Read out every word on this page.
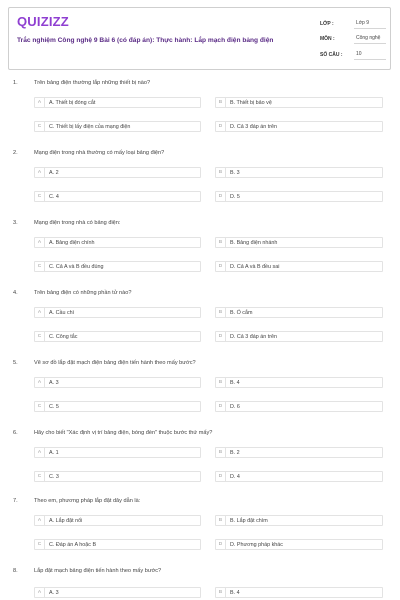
QUIZIZZ
Trắc nghiệm Công nghệ 9 Bài 6 (có đáp án): Thực hành: Lắp mạch điện bảng điện
LỚP :	Lớp 9
MÔN :	Công nghệ
SỐ CÂU :	10
1.	Trên bảng điện thường lắp những thiết bị nào?
A	A. Thiết bị đóng cắt	B	B. Thiết bị bảo vệ
C	C. Thiết bị lấy điện của mạng điện	D	D. Cả 3 đáp án trên
2.	Mạng điện trong nhà thường có mấy loại bảng điện?
A	A. 2	B	B. 3
C	C. 4	D	D. 5
3.	Mạng điện trong nhà có bảng điện:
A	A. Bảng điện chính	B	B. Bảng điện nhánh
C	C. Cả A và B đều đúng	D	D. Cả A và B đều sai
4.	Trên bảng điện có những phần tử nào?
A	A. Cầu chì	B	B. Ổ cắm
C	C. Công tắc	D	D. Cả 3 đáp án trên
5.	Vẽ sơ đồ lắp đặt mạch điện bảng điện tiến hành theo mấy bước?
A	A. 3	B	B. 4
C	C. 5	D	D. 6
6.	Hãy cho biết "Xác định vị trí bảng điện, bóng đèn" thuộc bước thứ mấy?
A	A. 1	B	B. 2
C	C. 3	D	D. 4
7.	Theo em, phương pháp lắp đặt dây dẫn là:
A	A. Lắp đặt nổi	B	B. Lắp đặt chìm
C	C. Đáp án A hoặc B	D	D. Phương pháp khác
8.	Lắp đặt mạch bảng điện tiến hành theo mấy bước?
A	A. 3	B	B. 4
